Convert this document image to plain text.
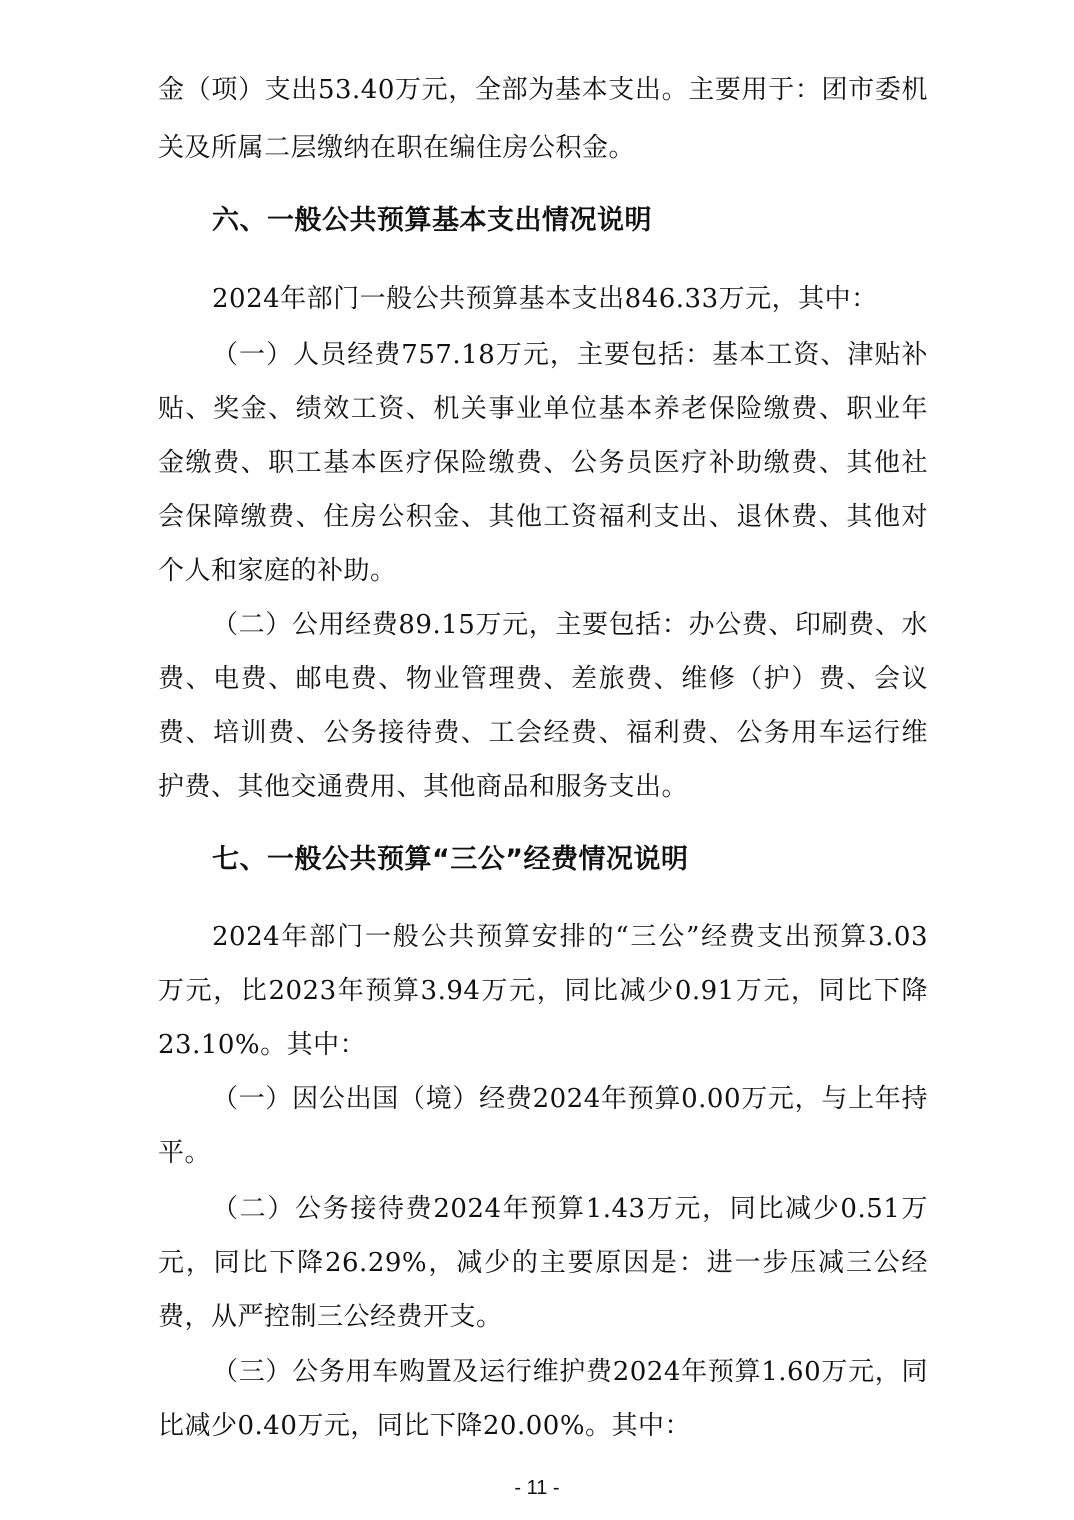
金（项）支出53.40万元，全部为基本支出。主要用于：团市委机
关及所属二层缴纳在职在编住房公积金。
六、一般公共预算基本支出情况说明
2024年部门一般公共预算基本支出846.33万元，其中：
（一）人员经费757.18万元，主要包括：基本工资、津贴补
贴、奖金、绩效工资、机关事业单位基本养老保险缴费、职业年
金缴费、职工基本医疗保险缴费、公务员医疗补助缴费、其他社
会保障缴费、住房公积金、其他工资福利支出、退休费、其他对
个人和家庭的补助。
（二）公用经费89.15万元，主要包括：办公费、印刷费、水
费、电费、邮电费、物业管理费、差旅费、维修（护）费、会议
费、培训费、公务接待费、工会经费、福利费、公务用车运行维
护费、其他交通费用、其他商品和服务支出。
七、一般公共预算“三公”经费情况说明
2024年部门一般公共预算安排的“三公”经费支出预算3.03
万元，比2023年预算3.94万元，同比减少0.91万元，同比下降
23.10%。其中：
（一）因公出国（境）经费2024年预算0.00万元，与上年持
平。
（二）公务接待费2024年预算1.43万元，同比减少0.51万
元，同比下降26.29%，减少的主要原因是：进一步压减三公经
费，从严控制三公经费开支。
（三）公务用车购置及运行维护费2024年预算1.60万元，同
比减少0.40万元，同比下降20.00%。其中：
- 11 -
